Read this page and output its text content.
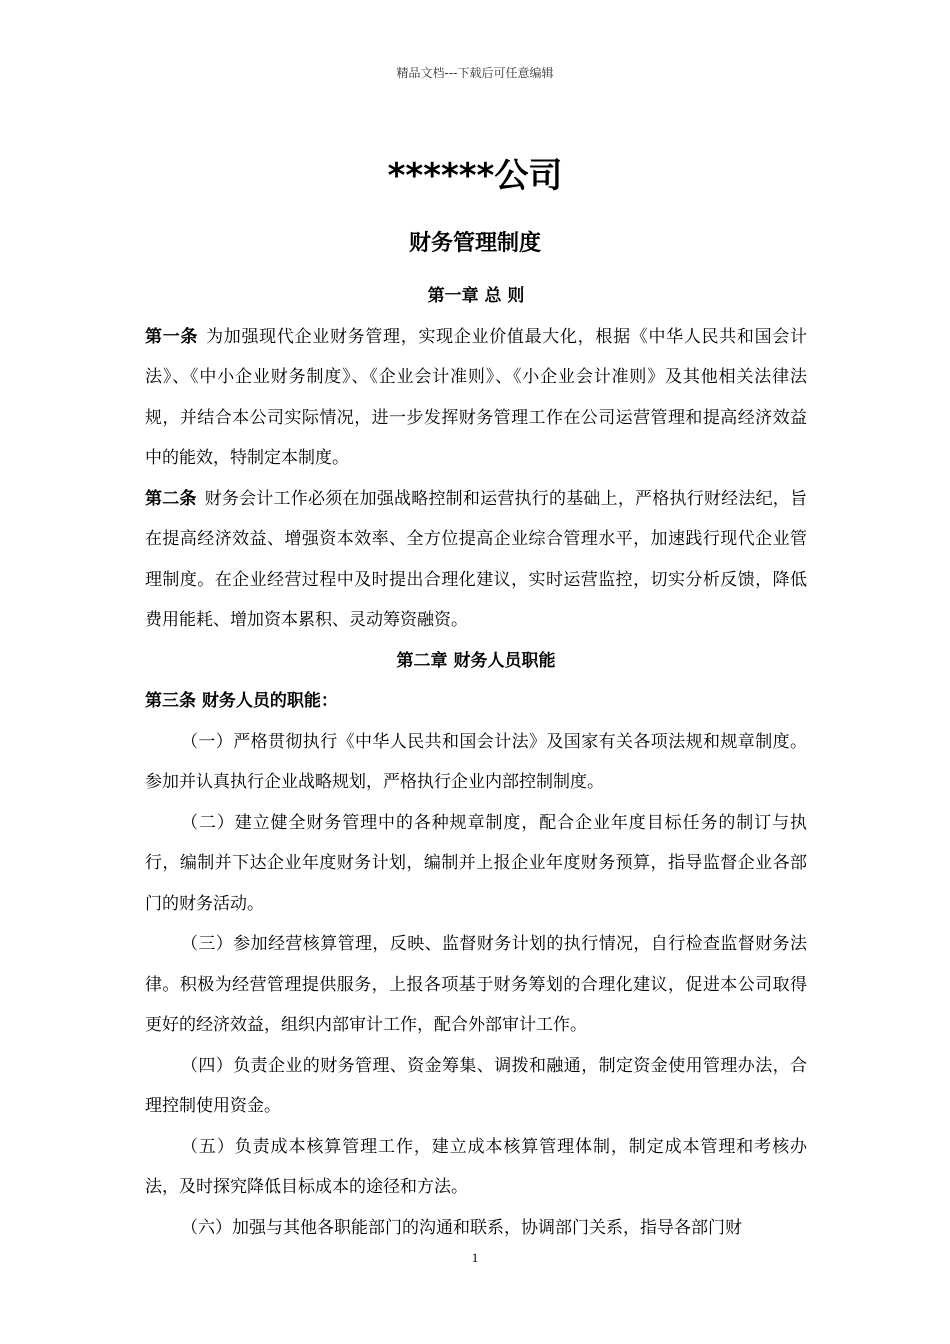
精品文档---下载后可任意编辑
******公司
财务管理制度

第一章 总 则

第一条 为加强现代企业财务管理，实现企业价值最大化，根据《中华人民共和国会计法》、《中小企业财务制度》、《企业会计准则》、《小企业会计准则》及其他相关法律法规，并结合本公司实际情况，进一步发挥财务管理工作在公司运营管理和提高经济效益中的能效，特制定本制度。

第二条 财务会计工作必须在加强战略控制和运营执行的基础上，严格执行财经法纪，旨在提高经济效益、增强资本效率、全方位提高企业综合管理水平，加速践行现代企业管理制度。在企业经营过程中及时提出合理化建议，实时运营监控，切实分析反馈，降低费用能耗、增加资本累积、灵动筹资融资。

第二章 财务人员职能

第三条 财务人员的职能：

（一）严格贯彻执行《中华人民共和国会计法》及国家有关各项法规和规章制度。参加并认真执行企业战略规划，严格执行企业内部控制制度。

（二）建立健全财务管理中的各种规章制度，配合企业年度目标任务的制订与执行，编制并下达企业年度财务计划，编制并上报企业年度财务预算，指导监督企业各部门的财务活动。

（三）参加经营核算管理，反映、监督财务计划的执行情况，自行检查监督财务法律。积极为经营管理提供服务，上报各项基于财务筹划的合理化建议，促进本公司取得更好的经济效益，组织内部审计工作，配合外部审计工作。

（四）负责企业的财务管理、资金筹集、调拨和融通，制定资金使用管理办法，合理控制使用资金。

（五）负责成本核算管理工作，建立成本核算管理体制，制定成本管理和考核办法，及时探究降低目标成本的途径和方法。

（六）加强与其他各职能部门的沟通和联系，协调部门关系，指导各部门财

1
